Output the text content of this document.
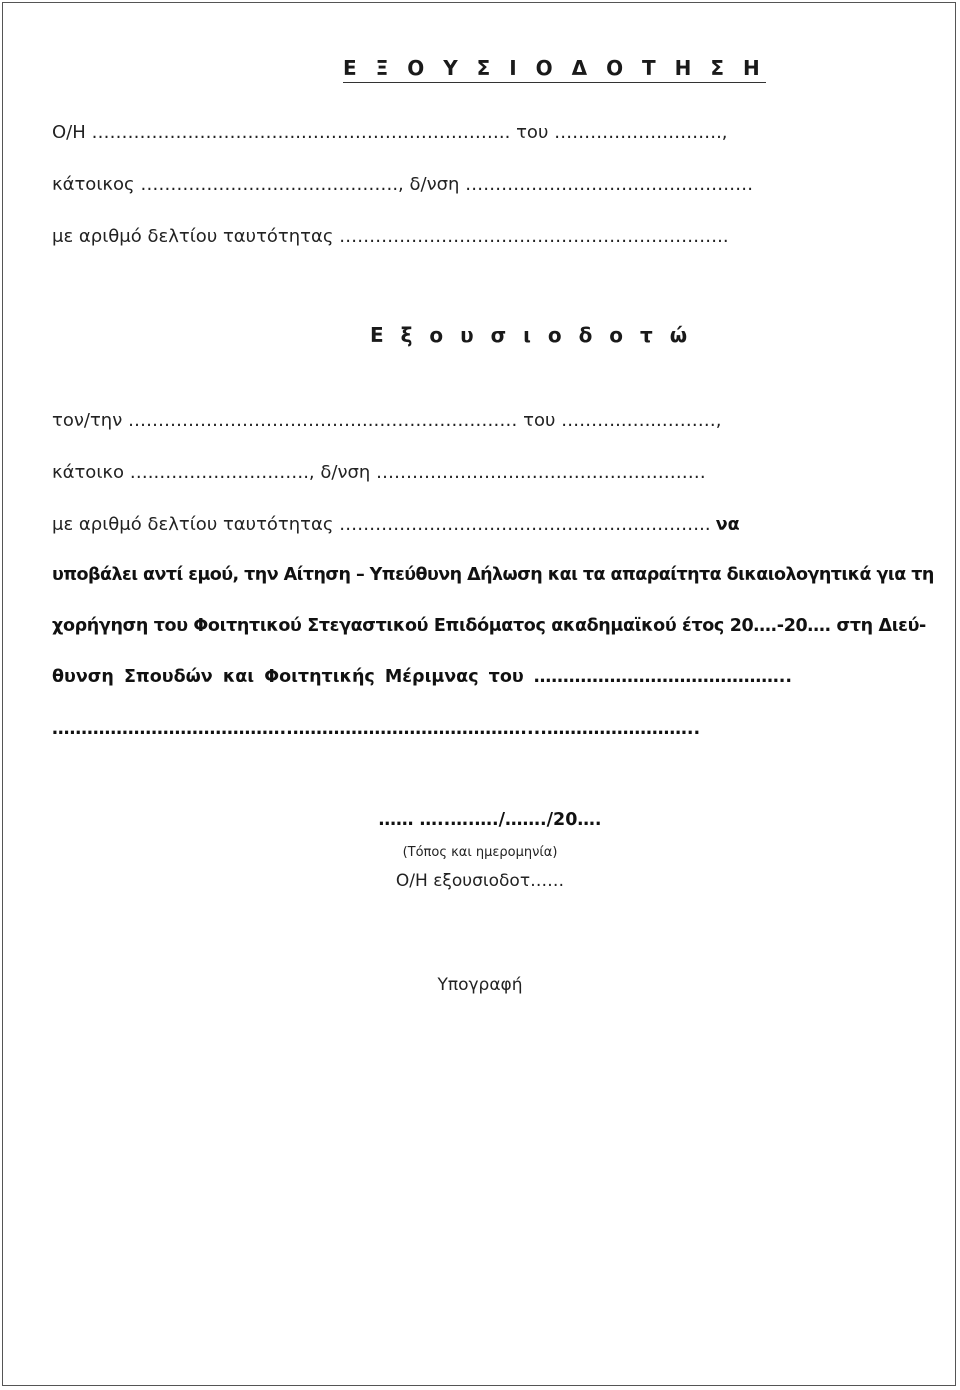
Ε Ξ Ο Υ Σ Ι Ο Δ Ο Τ Η Σ Η
Ο/Η ……………………………..…………………………….. του ……………………….,
κάτοικος ……………………………………., δ/νση …………………………………………
με αριθμό δελτίου ταυτότητας ………………………………………………………..
Ε ξ ο υ σ ι ο δ ο τ ώ
τον/την …………………………………..…………………… του ………..…...………,
κάτοικο …..……………………., δ/νση …………………….…………………………
με αριθμό δελτίου ταυτότητας …………………………………………………….. να
υποβάλει αντί εμού, την Αίτηση – Υπεύθυνη Δήλωση και τα απαραίτητα δικαιολογητικά για τη
χορήγηση του Φοιτητικού Στεγαστικού Επιδόματος ακαδημαϊκού έτος 20….-20…. στη Διεύ-
θυνση Σπουδών και Φοιτητικής Μέριμνας του ……………………………………..
…………………………………..…………………………………....……………………..
…… …..….…./……./20….
(Τόπος και ημερομηνία)
Ο/Η εξουσιοδοτ……
Υπογραφή
